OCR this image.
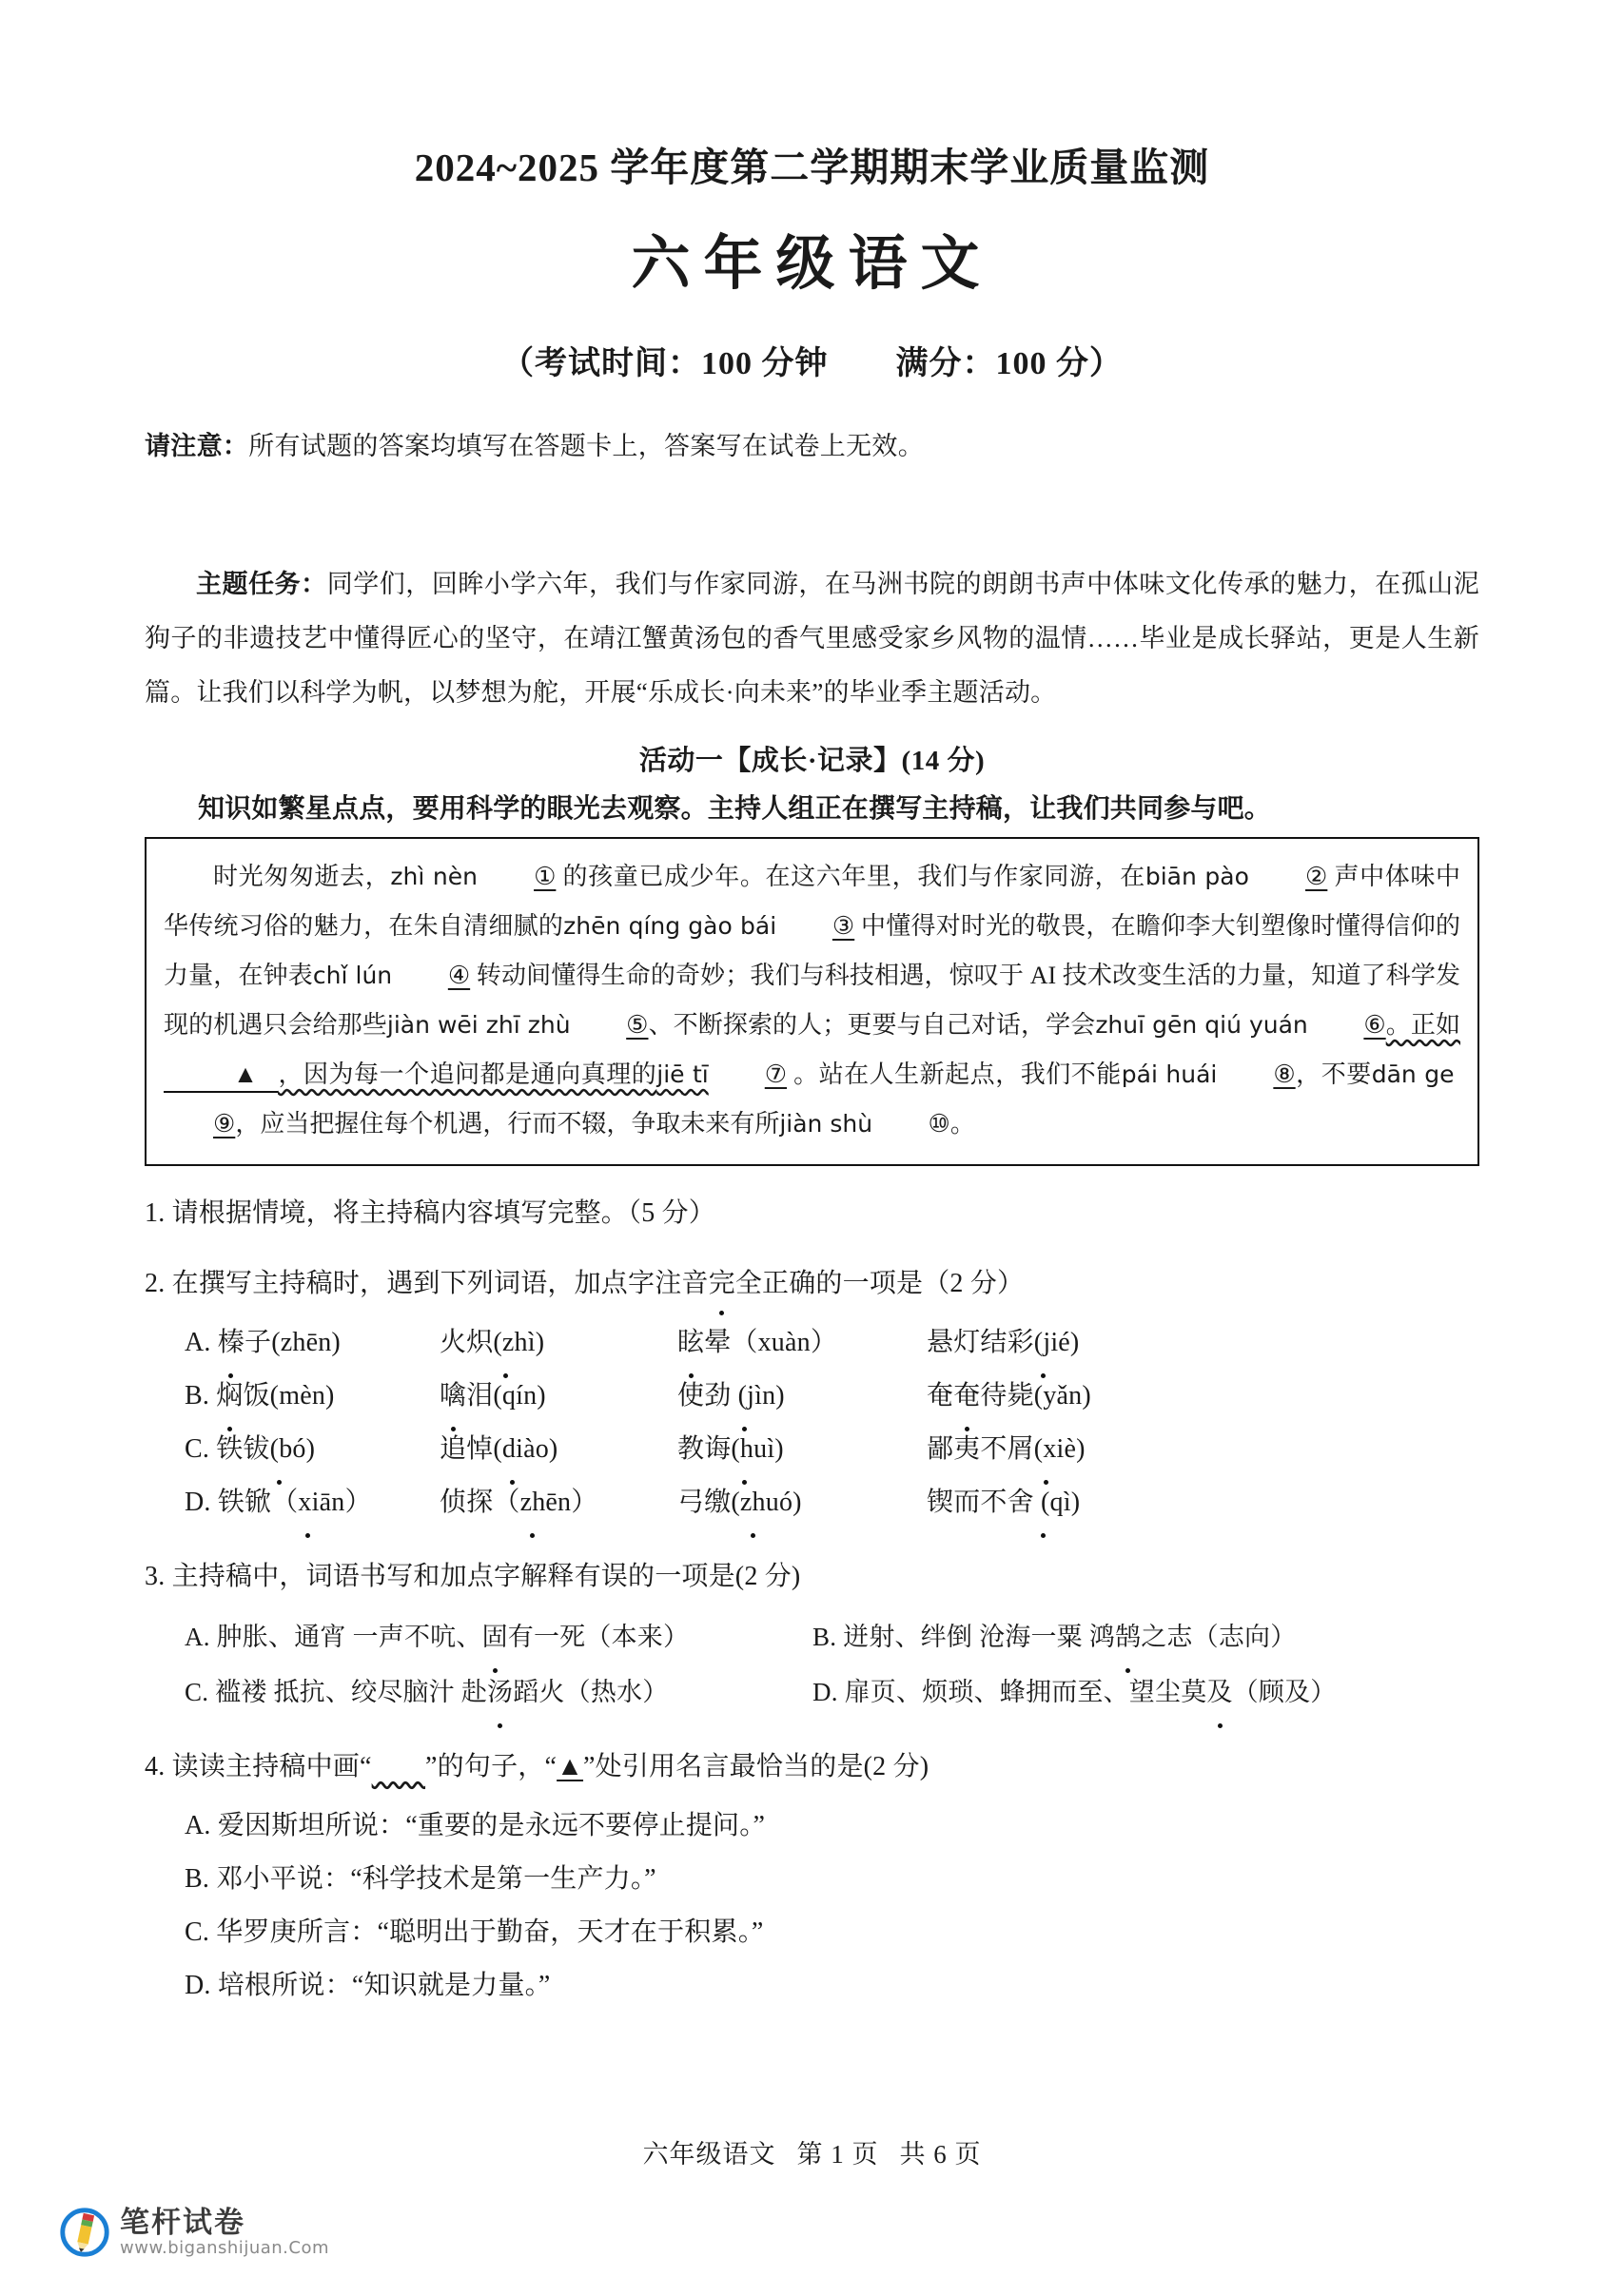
2024~2025 学年度第二学期期末学业质量监测
六年级语文
（考试时间：100 分钟 满分：100 分）
请注意：所有试题的答案均填写在答题卡上，答案写在试卷上无效。
主题任务：同学们，回眸小学六年，我们与作家同游，在马洲书院的朗朗书声中体味文化传承的魅力，在孤山泥狗子的非遗技艺中懂得匠心的坚守，在靖江蟹黄汤包的香气里感受家乡风物的温情……毕业是成长驿站，更是人生新篇。让我们以科学为帆，以梦想为舵，开展“乐成长·向未来”的毕业季主题活动。
活动一【成长·记录】(14 分)
知识如繁星点点，要用科学的眼光去观察。主持人组正在撰写主持稿，让我们共同参与吧。

时光匆匆逝去，zhì nèn ① 的孩童已成少年。在这六年里，我们与作家同游，在biān pào ② 声中体味中华传统习俗的魅力，在朱自清细腻的zhēn qíng gào bái ③ 中懂得对时光的敬畏，在瞻仰李大钊塑像时懂得信仰的力量，在钟表chǐ lún ④ 转动间懂得生命的奇妙；我们与科技相遇，惊叹于 AI 技术改变生活的力量，知道了科学发现的机遇只会给那些jiàn wēi zhī zhù ⑤、不断探索的人；更要与自己对话，学会zhuī gēn qiú yuán ⑥。正如▲ ，因为每一个追问都是通向真理的jiē tī ⑦ 。站在人生新起点，我们不能pái huái ⑧，不要dān ge ⑨，应当把握住每个机遇，行而不辍，争取未来有所jiàn shù ⑩。

1. 请根据情境，将主持稿内容填写完整。（5 分）
2. 在撰写主持稿时，遇到下列词语，加点字注音完全正确的一项是（2 分）
A. 榛子(zhēn)	火炽(zhì)	眩晕（xuàn）	悬灯结彩(jié)
B. 焖饭(mèn)	噙泪(qín)	使劲 (jìn)	奄奄待毙(yǎn)
C. 铁钹(bó)	追悼(diào)	教诲(huì)	鄙夷不屑(xiè)
D. 铁锨（xiān）	侦探（zhēn）	弓缴(zhuó)	锲而不舍 (qì)
3. 主持稿中，词语书写和加点字解释有误的一项是(2 分)
A. 肿胀、通宵 一声不吭、固有一死（本来）	B. 迸射、绊倒 沧海一粟 鸿鹄之志（志向）
C. 褴褛 抵抗、绞尽脑汁 赴汤蹈火（热水）	D. 扉页、烦琐、蜂拥而至、望尘莫及（顾及）
4. 读读主持稿中画“　　 ”的句子，“▲”处引用名言最恰当的是(2 分)
A. 爱因斯坦所说：“重要的是永远不要停止提问。”
B. 邓小平说：“科学技术是第一生产力。”
C. 华罗庚所言：“聪明出于勤奋，天才在于积累。”
D. 培根所说：“知识就是力量。”
六年级语文 第 1 页 共 6 页
笔杆试卷
www.biganshijuan.Com
